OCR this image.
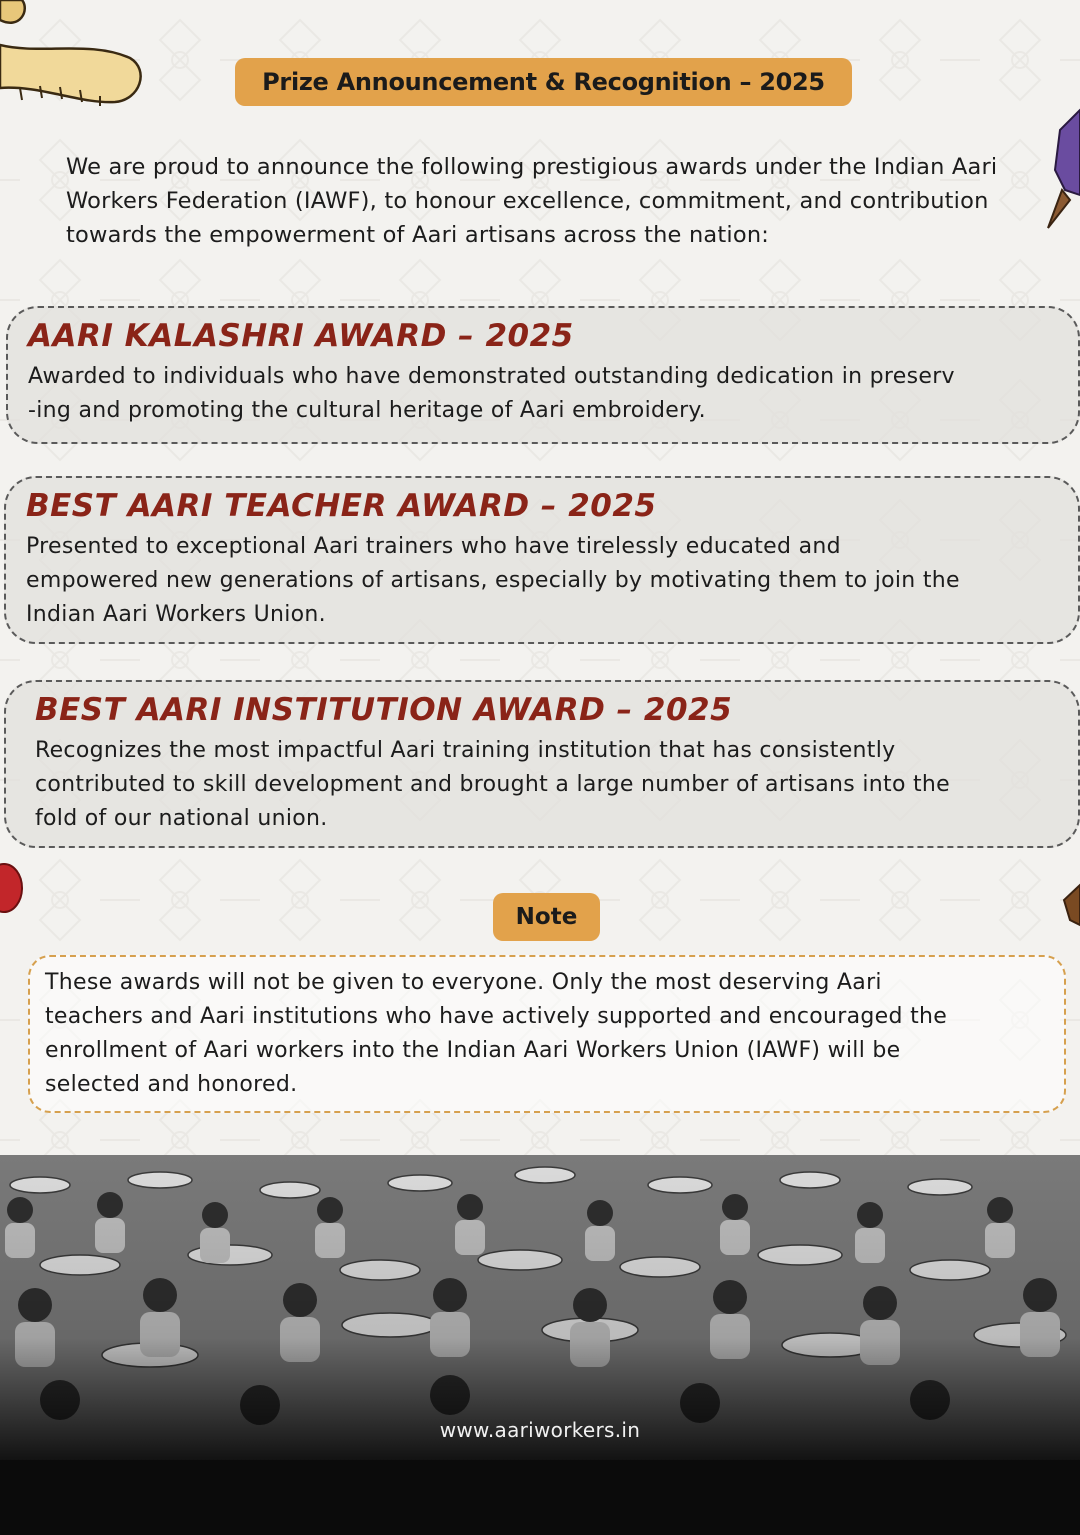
Prize Announcement & Recognition – 2025
We are proud to announce the following prestigious awards under the Indian Aari Workers Federation (IAWF), to honour excellence, commitment, and contribution towards the empowerment of Aari artisans across the nation:
AARI KALASHRI AWARD – 2025
Awarded to individuals who have demonstrated outstanding dedication in preserv
-ing and promoting the cultural heritage of Aari embroidery.
BEST AARI TEACHER AWARD – 2025
Presented to exceptional Aari trainers who have tirelessly educated and
empowered new generations of artisans, especially by motivating them to join the
Indian Aari Workers Union.
BEST AARI INSTITUTION AWARD – 2025
Recognizes the most impactful Aari training institution that has consistently
contributed to skill development and brought a large number of artisans into the
fold of our national union.
Note
These awards will not be given to everyone. Only the most deserving Aari
teachers and Aari institutions who have actively supported and encouraged the
enrollment of Aari workers into the Indian Aari Workers Union (IAWF) will be
selected and honored.
www.aariworkers.in
